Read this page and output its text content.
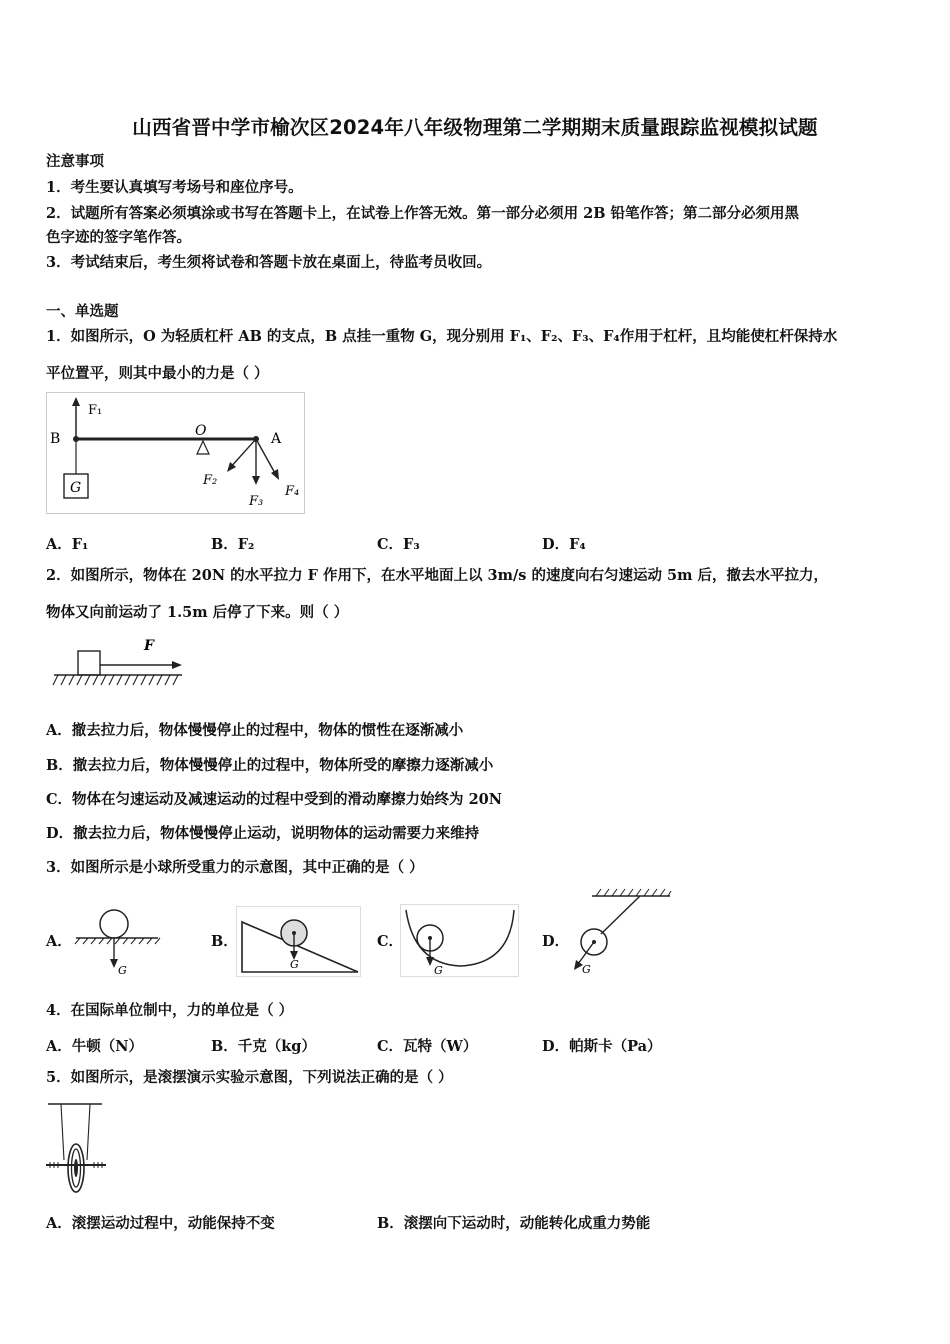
山西省晋中学市榆次区2024年八年级物理第二学期期末质量跟踪监视模拟试题
注意事项
1．考生要认真填写考场号和座位序号。
2．试题所有答案必须填涂或书写在答题卡上，在试卷上作答无效。第一部分必须用 2B 铅笔作答；第二部分必须用黑
色字迹的签字笔作答。
3．考试结束后，考生须将试卷和答题卡放在桌面上，待监考员收回。
一、单选题
1．如图所示，O 为轻质杠杆 AB 的支点，B 点挂一重物 G，现分别用 F₁、F₂、F₃、F₄作用于杠杆，且均能使杠杆保持水
平位置平，则其中最小的力是（ ）
F₁
B	O	A
G	F₂
F₃
F₄
A．F₁	B．F₂	C．F₃	D．F₄
2．如图所示，物体在 20N 的水平拉力 F 作用下，在水平地面上以 3m/s 的速度向右匀速运动 5m 后，撤去水平拉力，
物体又向前运动了 1.5m 后停了下来。则（ ）
F
A．撤去拉力后，物体慢慢停止的过程中，物体的惯性在逐渐减小
B．撤去拉力后，物体慢慢停止的过程中，物体所受的摩擦力逐渐减小
C．物体在匀速运动及减速运动的过程中受到的滑动摩擦力始终为 20N
D．撤去拉力后，物体慢慢停止运动，说明物体的运动需要力来维持
3．如图所示是小球所受重力的示意图，其中正确的是（ ）
A．
G
B．
G
C．
G
D．
G
4．在国际单位制中，力的单位是（ ）
A．牛顿（N）	B．千克（kg）	C．瓦特（W）	D．帕斯卡（Pa）
5．如图所示，是滚摆演示实验示意图，下列说法正确的是（ ）
A．滚摆运动过程中，动能保持不变	B．滚摆向下运动时，动能转化成重力势能
